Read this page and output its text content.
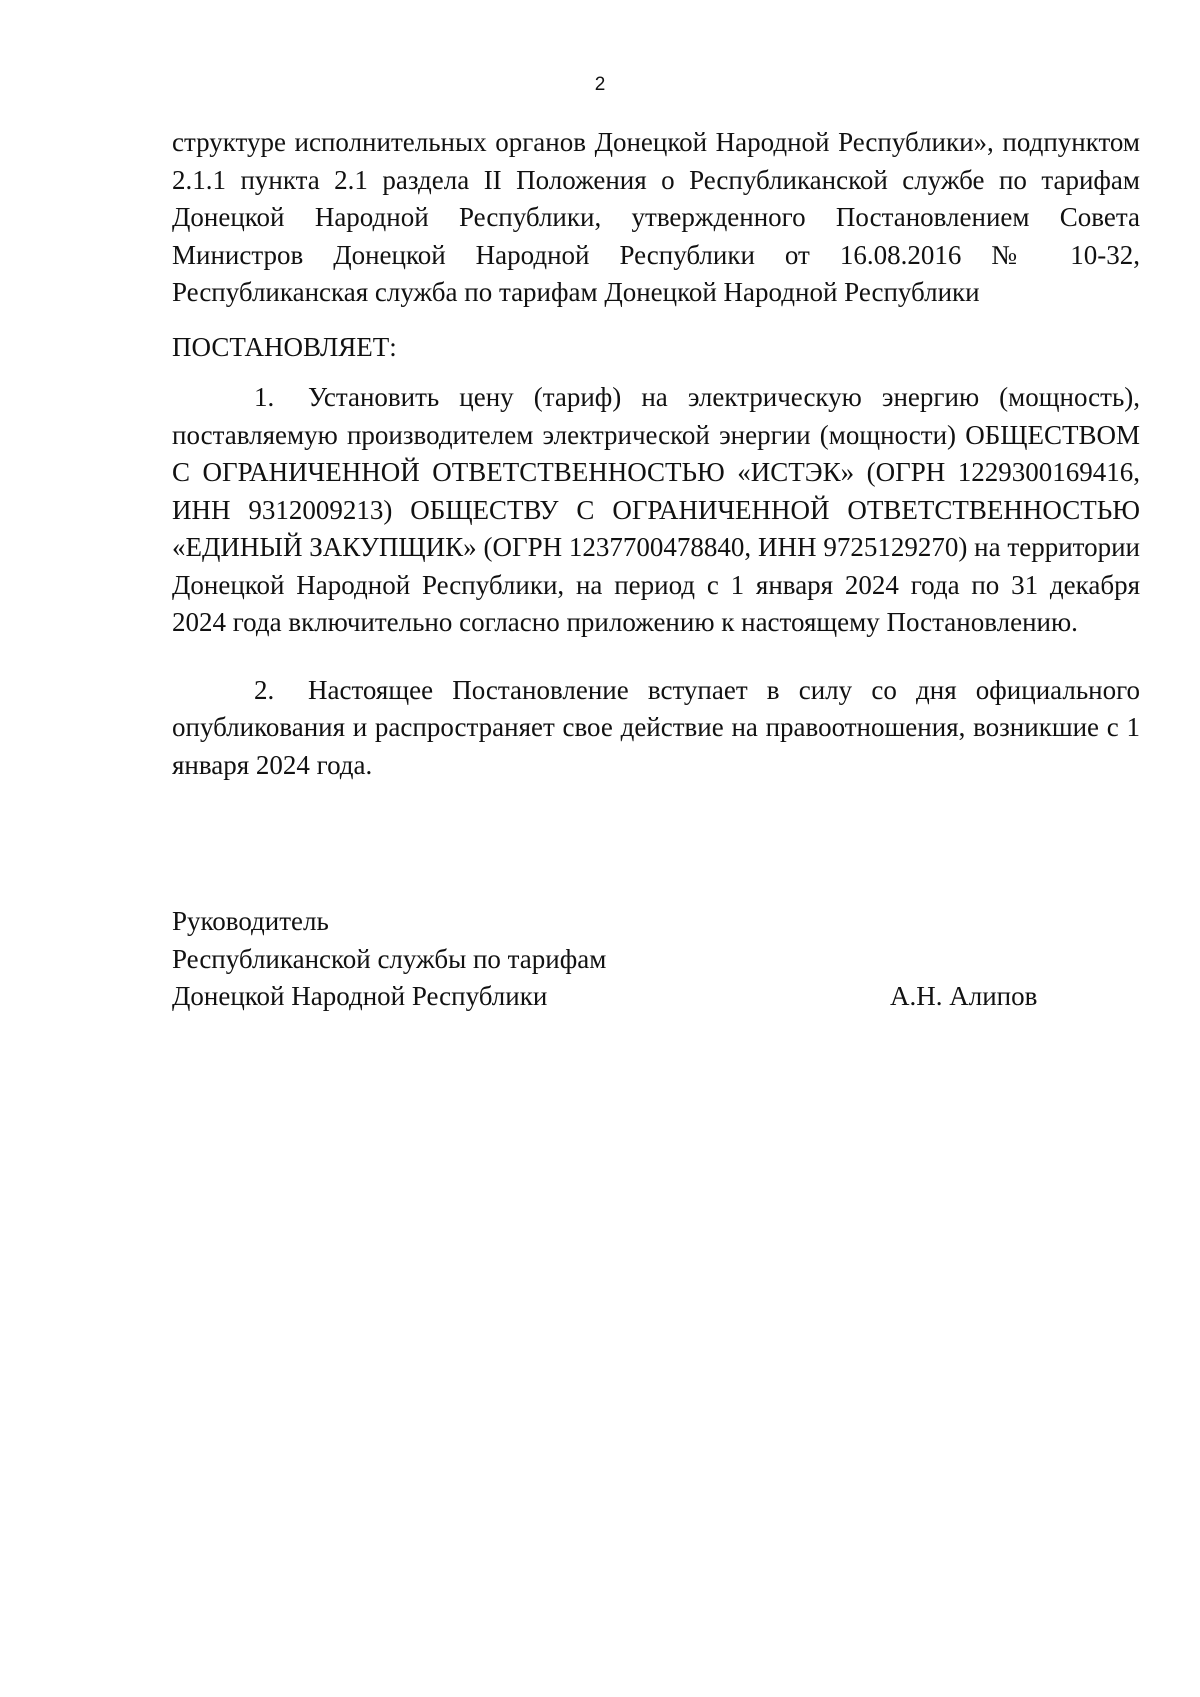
2

структуре исполнительных органов Донецкой Народной Республики», подпунктом 2.1.1 пункта 2.1 раздела II Положения о Республиканской службе по тарифам Донецкой Народной Республики, утвержденного Постановлением Совета Министров Донецкой Народной Республики от 16.08.2016 № 10-32, Республиканская служба по тарифам Донецкой Народной Республики

ПОСТАНОВЛЯЕТ:

1. Установить цену (тариф) на электрическую энергию (мощность), поставляемую производителем электрической энергии (мощности) ОБЩЕСТВОМ С ОГРАНИЧЕННОЙ ОТВЕТСТВЕННОСТЬЮ «ИСТЭК» (ОГРН 1229300169416, ИНН 9312009213) ОБЩЕСТВУ С ОГРАНИЧЕННОЙ ОТВЕТСТВЕННОСТЬЮ «ЕДИНЫЙ ЗАКУПЩИК» (ОГРН 1237700478840, ИНН 9725129270) на территории Донецкой Народной Республики, на период с 1 января 2024 года по 31 декабря 2024 года включительно согласно приложению к настоящему Постановлению.

2. Настоящее Постановление вступает в силу со дня официального опубликования и распространяет свое действие на правоотношения, возникшие с 1 января 2024 года.

Руководитель
Республиканской службы по тарифам
Донецкой Народной Республики	А.Н. Алипов
